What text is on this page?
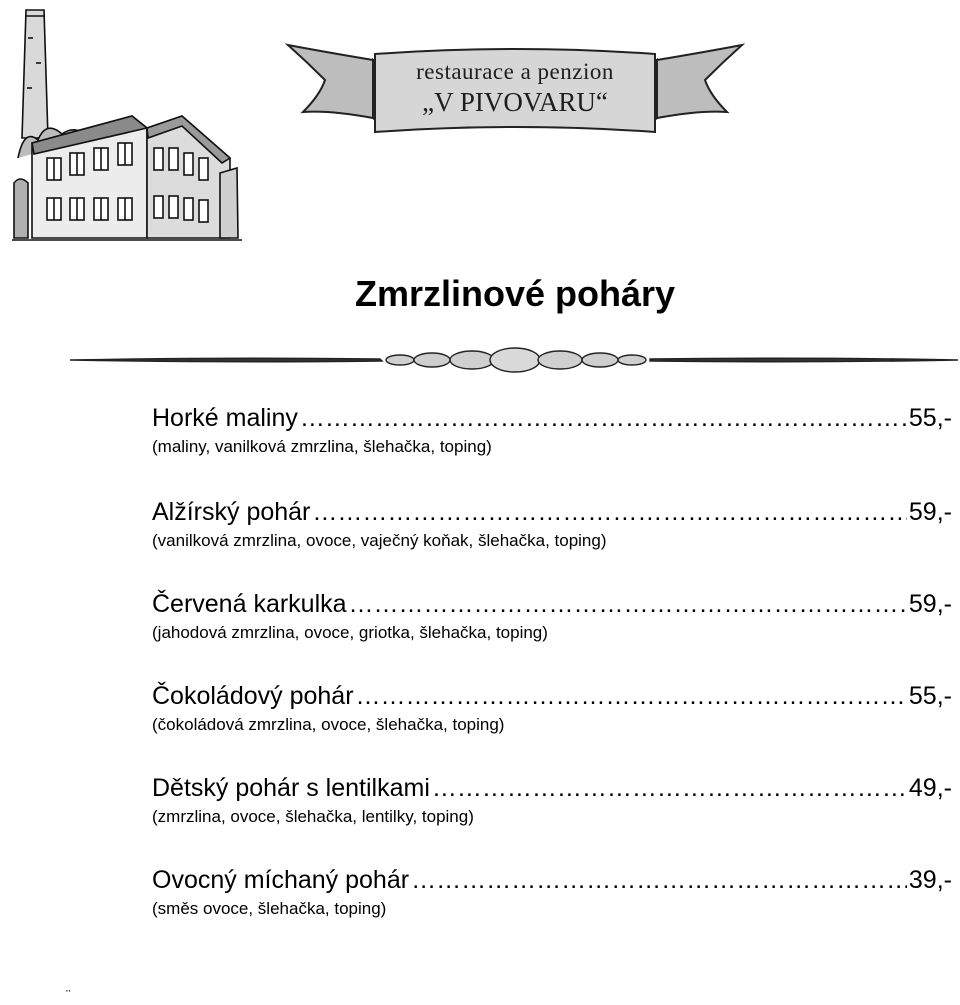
restaurace a penzion
„V PIVOVARU“
Zmrzlinové poháry
Horké maliny …………………………………………………………………………………………………………………………………………………………	55,-
(maliny, vanilková zmrzlina, šlehačka, toping)
Alžírský pohár …………………………………………………………………………………………………………………………………………………………	59,-
(vanilková zmrzlina, ovoce, vaječný koňak, šlehačka, toping)
Červená karkulka …………………………………………………………………………………………………………………………………………………………	59,-
(jahodová zmrzlina, ovoce, griotka, šlehačka, toping)
Čokoládový pohár …………………………………………………………………………………………………………………………………………………………	55,-
(čokoládová zmrzlina, ovoce, šlehačka, toping)
Dětský pohár s lentilkami …………………………………………………………………………………………………………………………………………………………	49,-
(zmrzlina, ovoce, šlehačka, lentilky, toping)
Ovocný míchaný pohár …………………………………………………………………………………………………………………………………………………………	39,-
(směs ovoce, šlehačka, toping)
¨
